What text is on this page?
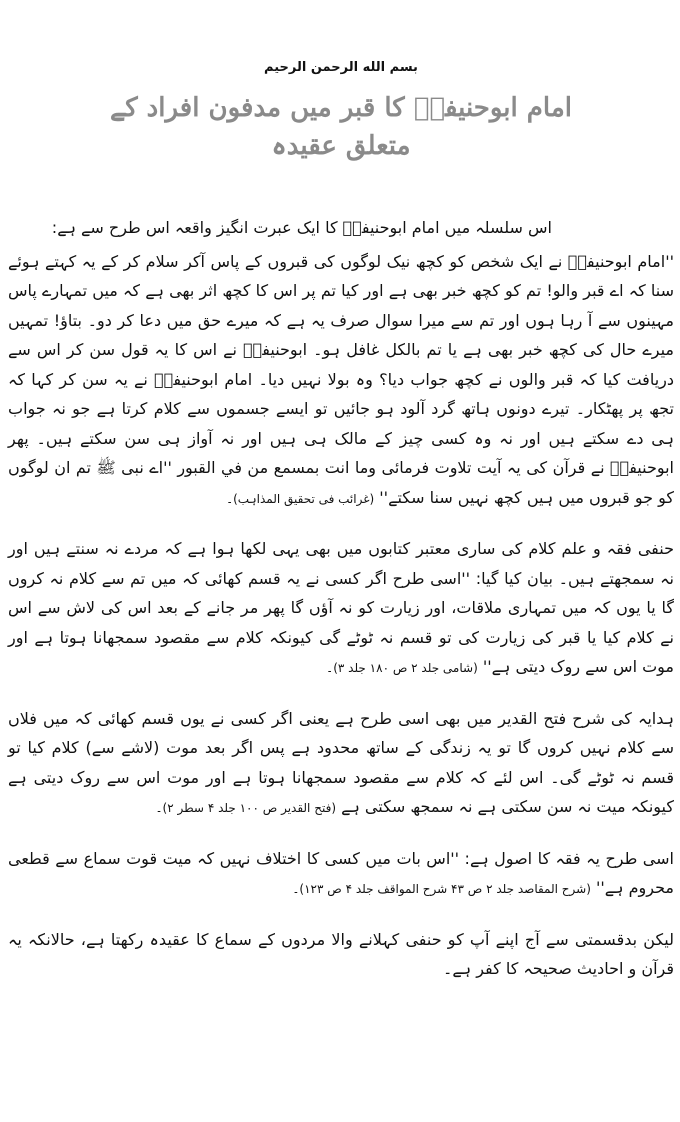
بسم الله الرحمن الرحیم
امام ابوحنیفہؒ کا قبر میں مدفون افراد کے متعلق عقیدہ

اس سلسلہ میں امام ابوحنیفہؒ کا ایک عبرت انگیز واقعہ اس طرح سے ہے:

''امام ابوحنیفہؒ نے ایک شخص کو کچھ نیک لوگوں کی قبروں کے پاس آکر سلام کر کے یہ کہتے ہوئے سنا کہ اے قبر والو! تم کو کچھ خبر بھی ہے اور کیا تم پر اس کا کچھ اثر بھی ہے کہ میں تمہارے پاس مہینوں سے آ رہا ہوں اور تم سے میرا سوال صرف یہ ہے کہ میرے حق میں دعا کر دو۔ بتاؤ! تمہیں میرے حال کی کچھ خبر بھی ہے یا تم بالکل غافل ہو۔ ابوحنیفہؒ نے اس کا یہ قول سن کر اس سے دریافت کیا کہ قبر والوں نے کچھ جواب دیا؟ وہ بولا نہیں دیا۔ امام ابوحنیفہؒ نے یہ سن کر کہا کہ تجھ پر پھٹکار۔ تیرے دونوں ہاتھ گرد آلود ہو جائیں تو ایسے جسموں سے کلام کرتا ہے جو نہ جواب ہی دے سکتے ہیں اور نہ وہ کسی چیز کے مالک ہی ہیں اور نہ آواز ہی سن سکتے ہیں۔ پھر ابوحنیفہؒ نے قرآن کی یہ آیت تلاوت فرمائی وما انت بمسمع من في القبور ''اے نبی ﷺ تم ان لوگوں کو جو قبروں میں ہیں کچھ نہیں سنا سکتے'' (غرائب فی تحقیق المذاہب)۔

حنفی فقہ و علم کلام کی ساری معتبر کتابوں میں بھی یہی لکھا ہوا ہے کہ مردے نہ سنتے ہیں اور نہ سمجھتے ہیں۔ بیان کیا گیا: ''اسی طرح اگر کسی نے یہ قسم کھائی کہ میں تم سے کلام نہ کروں گا یا یوں کہ میں تمہاری ملاقات، اور زیارت کو نہ آؤں گا پھر مر جانے کے بعد اس کی لاش سے اس نے کلام کیا یا قبر کی زیارت کی تو قسم نہ ٹوٹے گی کیونکہ کلام سے مقصود سمجھانا ہوتا ہے اور موت اس سے روک دیتی ہے'' (شامی جلد ۲ ص ۱۸۰ جلد ۳)۔

ہدایہ کی شرح فتح القدیر میں بھی اسی طرح ہے یعنی اگر کسی نے یوں قسم کھائی کہ میں فلاں سے کلام نہیں کروں گا تو یہ زندگی کے ساتھ محدود ہے پس اگر بعد موت (لاشے سے) کلام کیا تو قسم نہ ٹوٹے گی۔ اس لئے کہ کلام سے مقصود سمجھانا ہوتا ہے اور موت اس سے روک دیتی ہے کیونکہ میت نہ سن سکتی ہے نہ سمجھ سکتی ہے (فتح القدیر ص ۱۰۰ جلد ۴ سطر ۲)۔

اسی طرح یہ فقہ کا اصول ہے: ''اس بات میں کسی کا اختلاف نہیں کہ میت قوت سماع سے قطعی محروم ہے'' (شرح المقاصد جلد ۲ ص ۴۳ شرح المواقف جلد ۴ ص ۱۲۳)۔

لیکن بدقسمتی سے آج اپنے آپ کو حنفی کہلانے والا مردوں کے سماع کا عقیدہ رکھتا ہے، حالانکہ یہ قرآن و احادیث صحیحہ کا کفر ہے۔
